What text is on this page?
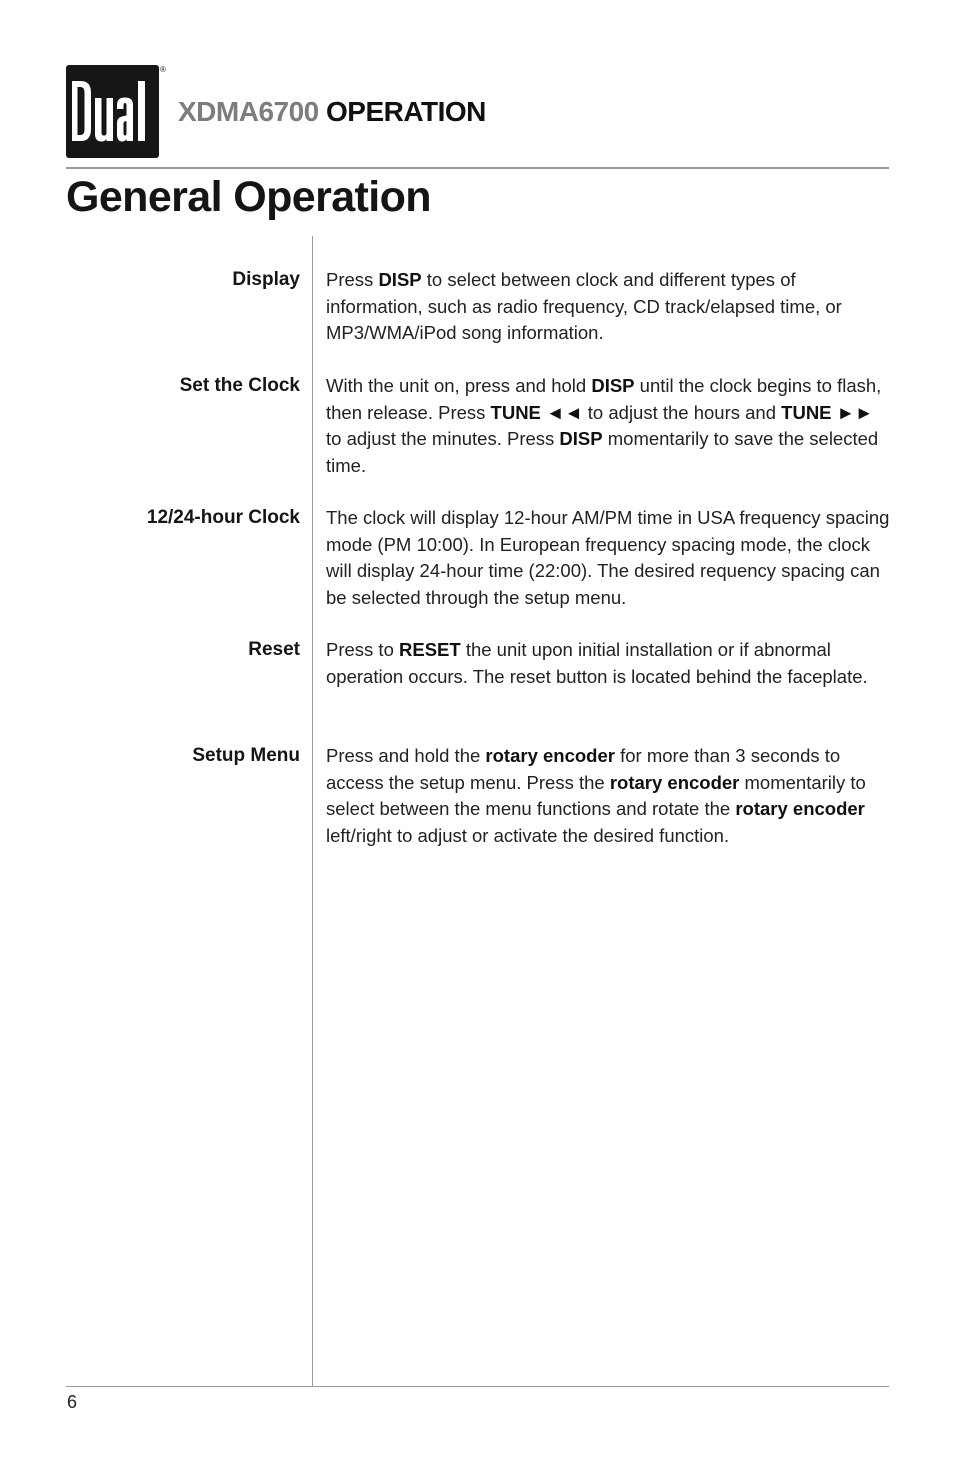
®
XDMA6700 OPERATION
General Operation
Display Press DISP to select between clock and different types of information, such as radio frequency, CD track/elapsed time, or MP3/WMA/iPod song information.

Set the Clock With the unit on, press and hold DISP until the clock begins to flash, then release. Press TUNE ◄◄ to adjust the hours and TUNE ►► to adjust the minutes. Press DISP momentarily to save the selected time.

12/24-hour Clock The clock will display 12-hour AM/PM time in USA frequency spacing mode (PM 10:00). In European frequency spacing mode, the clock will display 24-hour time (22:00). The desired requency spacing can be selected through the setup menu.

Reset Press to RESET the unit upon initial installation or if abnormal operation occurs. The reset button is located behind the faceplate.

Setup Menu Press and hold the rotary encoder for more than 3 seconds to access the setup menu. Press the rotary encoder momentarily to select between the menu functions and rotate the rotary encoder left/right to adjust or activate the desired function.

6
